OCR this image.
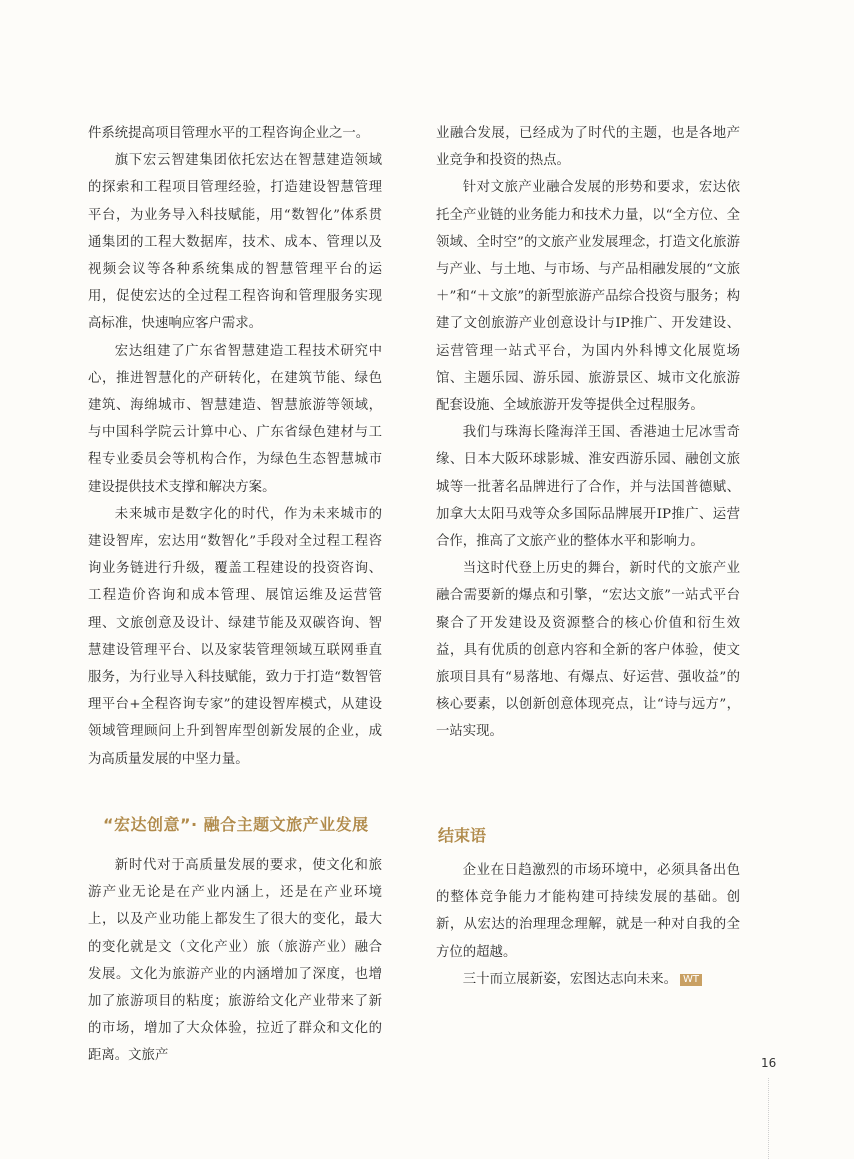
件系统提高项目管理水平的工程咨询企业之一。

旗下宏云智建集团依托宏达在智慧建造领域的探索和工程项目管理经验，打造建设智慧管理平台，为业务导入科技赋能，用“数智化”体系贯通集团的工程大数据库，技术、成本、管理以及视频会议等各种系统集成的智慧管理平台的运用，促使宏达的全过程工程咨询和管理服务实现高标准，快速响应客户需求。

宏达组建了广东省智慧建造工程技术研究中心，推进智慧化的产研转化，在建筑节能、绿色建筑、海绵城市、智慧建造、智慧旅游等领域，与中国科学院云计算中心、广东省绿色建材与工程专业委员会等机构合作，为绿色生态智慧城市建设提供技术支撑和解决方案。

未来城市是数字化的时代，作为未来城市的建设智库，宏达用“数智化”手段对全过程工程咨询业务链进行升级，覆盖工程建设的投资咨询、工程造价咨询和成本管理、展馆运维及运营管理、文旅创意及设计、绿建节能及双碳咨询、智慧建设管理平台、以及家装管理领域互联网垂直服务，为行业导入科技赋能，致力于打造“数智管理平台+全程咨询专家”的建设智库模式，从建设领域管理顾问上升到智库型创新发展的企业，成为高质量发展的中坚力量。

“宏达创意”· 融合主题文旅产业发展

新时代对于高质量发展的要求，使文化和旅游产业无论是在产业内涵上，还是在产业环境上，以及产业功能上都发生了很大的变化，最大的变化就是文（文化产业）旅（旅游产业）融合发展。文化为旅游产业的内涵增加了深度，也增加了旅游项目的粘度；旅游给文化产业带来了新的市场，增加了大众体验，拉近了群众和文化的距离。文旅产

业融合发展，已经成为了时代的主题，也是各地产业竞争和投资的热点。

针对文旅产业融合发展的形势和要求，宏达依托全产业链的业务能力和技术力量，以“全方位、全领域、全时空”的文旅产业发展理念，打造文化旅游与产业、与土地、与市场、与产品相融发展的“文旅＋”和“＋文旅”的新型旅游产品综合投资与服务；构建了文创旅游产业创意设计与IP推广、开发建设、运营管理一站式平台，为国内外科博文化展览场馆、主题乐园、游乐园、旅游景区、城市文化旅游配套设施、全域旅游开发等提供全过程服务。

我们与珠海长隆海洋王国、香港迪士尼冰雪奇缘、日本大阪环球影城、淮安西游乐园、融创文旅城等一批著名品牌进行了合作，并与法国普德赋、加拿大太阳马戏等众多国际品牌展开IP推广、运营合作，推高了文旅产业的整体水平和影响力。

当这时代登上历史的舞台，新时代的文旅产业融合需要新的爆点和引擎，“宏达文旅”一站式平台聚合了开发建设及资源整合的核心价值和衍生效益，具有优质的创意内容和全新的客户体验，使文旅项目具有“易落地、有爆点、好运营、强收益”的核心要素，以创新创意体现亮点，让“诗与远方”，一站实现。

结束语

企业在日趋激烈的市场环境中，必须具备出色的整体竞争能力才能构建可持续发展的基础。创新，从宏达的治理理念理解，就是一种对自我的全方位的超越。

三十而立展新姿，宏图达志向未来。 WT

16
